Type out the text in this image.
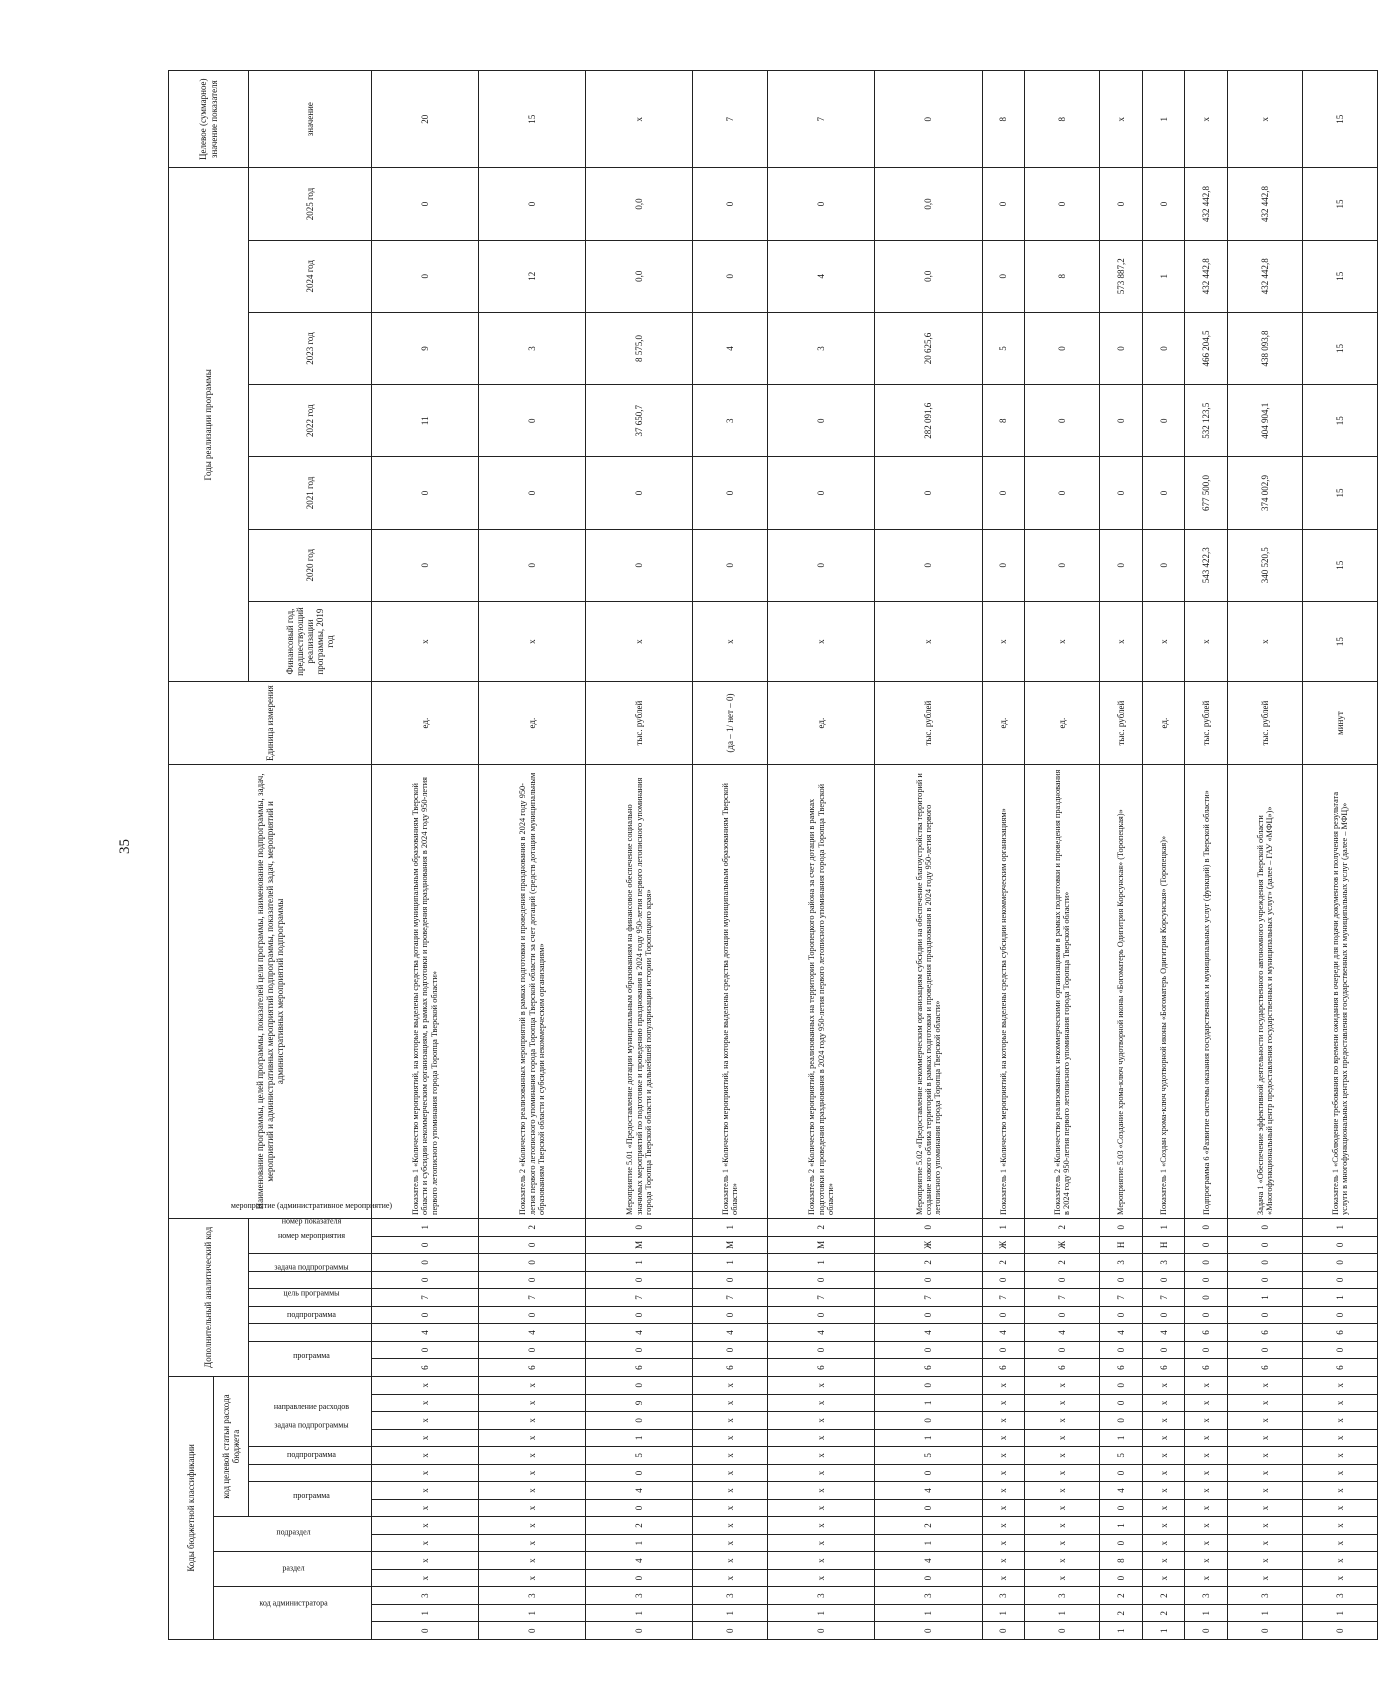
35
Коды бюджетной классификации															Дополнительный аналитический код									Наименование программы, целей программы, показателей цели программы, наименование подпрограммы, задач, мероприятий и административных мероприятий подпрограммы, показателей задач, мероприятий и административных мероприятий подпрограммы	Единица измерения	Годы реализации программы							Целевое (суммарное) значение показателя
код администратора			раздел		подраздел		код целевой статьи расхода бюджета																										
							программа		подпрограмма	задача подпрограммы	направление расходов				программа		подпрограмма	цель программы	задача подпрограммы	мероприятие (административное мероприятие)	номер мероприятия	номер показателя				Финансовый год, предшествующий реализации программы, 2019 год	2020 год	2021 год	2022 год	2023 год	2024 год	2025 год	значение
0	1	3	х	х	х	х	х	х	х	х	х	х	х	х	6	0	4	0	7	0	0	0	1	Показатель 1 «Количество мероприятий, на которые выделены средства дотации муниципальным образованиям Тверской области и субсидии некоммерческим организациям, в рамках подготовки и проведения празднования в 2024 году 950-летия первого летописного упоминания города Торопца Тверской области»	ед.	х	0	0	11	9	0	0	20
0	1	3	х	х	х	х	х	х	х	х	х	х	х	х	6	0	4	0	7	0	0	0	2	Показатель 2 «Количество реализованных мероприятий в рамках подготовки и проведения празднования в 2024 году 950-летия первого летописного упоминания города Торопца Тверской области за счет дотаций (средств дотации муниципальным образованиям Тверской области и субсидии некоммерческим организациям»	ед.	х	0	0	0	3	12	0	15
0	1	3	0	4	1	2	0	4	0	5	1	0	9	0	6	0	4	0	7	0	1	М	0	Мероприятие 5.01 «Предоставление дотации муниципальным образованиям на финансовое обеспечение социально значимых мероприятий по подготовке и проведению празднования в 2024 году 950-летия первого летописного упоминания города Торопца Тверской области и дальнейшей популяризации истории Торопецкого края»	тыс. рублей	х	0	0	37 650,7	8 575,0	0,0	0,0	х
0	1	3	х	х	х	х	х	х	х	х	х	х	х	х	6	0	4	0	7	0	1	М	1	Показатель 1 «Количество мероприятий, на которые выделены средства дотации муниципальным образованиям Тверской области»	(да – 1/ нет – 0)	х	0	0	3	4	0	0	7
0	1	3	х	х	х	х	х	х	х	х	х	х	х	х	6	0	4	0	7	0	1	М	2	Показатель 2 «Количество мероприятий, реализованных на территории Торопецкого района за счет дотации в рамках подготовки и проведения празднования в 2024 году 950-летия первого летописного упоминания города Торопца Тверской области»	ед.	х	0	0	0	3	4	0	7
0	1	3	0	4	1	2	0	4	0	5	1	0	1	0	6	0	4	0	7	0	2	Ж	0	Мероприятие 5.02 «Предоставление некоммерческим организациям субсидии на обеспечение благоустройства территорий и создание нового облика территорий в рамках подготовки и проведения празднования в 2024 году 950-летия первого летописного упоминания города Торопца Тверской области»	тыс. рублей	х	0	0	282 091,6	20 625,6	0,0	0,0	0
0	1	3	х	х	х	х	х	х	х	х	х	х	х	х	6	0	4	0	7	0	2	Ж	1	Показатель 1 «Количество мероприятий, на которые выделены средства субсидии некоммерческим организациям»	ед.	х	0	0	8	5	0	0	8
0	1	3	х	х	х	х	х	х	х	х	х	х	х	х	6	0	4	0	7	0	2	Ж	2	Показатель 2 «Количество реализованных некоммерческими организациями в рамках подготовки и проведения празднования в 2024 году 950-летия первого летописного упоминания города Торопца Тверской области»	ед.	х	0	0	0	0	8	0	8
1	2	2	0	8	0	1	0	4	0	5	1	0	0	0	6	0	4	0	7	0	3	Н	0	Мероприятие 5.03 «Создание хрома-ключ чудотворной иконы «Богоматерь Одигитрия Корсунская» (Торопецкая)»	тыс. рублей	х	0	0	0	0	573 887,2	0	х
1	2	2	х	х	х	х	х	х	х	х	х	х	х	х	6	0	4	0	7	0	3	Н	1	Показатель 1 «Создан хрома-ключ чудотворной иконы «Богоматерь Одигитрия Корсунская» (Торопецкая)»	ед.	х	0	0	0	0	1	0	1
0	1	3	х	х	х	х	х	х	х	х	х	х	х	х	6	0	6	0	0	0	0	0	0	Подпрограмма 6 «Развитие системы оказания государственных и муниципальных услуг (функций) в Тверской области»	тыс. рублей	х	543 422,3	677 500,0	532 123,5	466 204,5	432 442,8	432 442,8	х
0	1	3	х	х	х	х	х	х	х	х	х	х	х	х	6	0	6	0	1	0	0	0	0	Задача 1 «Обеспечение эффективной деятельности государственного автономного учреждения Тверской области «Многофункциональный центр предоставления государственных и муниципальных услуг» (далее – ГАУ «МФЦ»)»	тыс. рублей	х	340 520,5	374 002,9	404 904,1	438 093,8	432 442,8	432 442,8	х
0	1	3	х	х	х	х	х	х	х	х	х	х	х	х	6	0	6	0	1	0	0	0	1	Показатель 1 «Соблюдение требования по времени ожидания в очереди для подачи документов и получения результата услуги в многофункциональных центрах предоставления государственных и муниципальных услуг (далее – МФЦ)»	минут	15	15	15	15	15	15	15	15
